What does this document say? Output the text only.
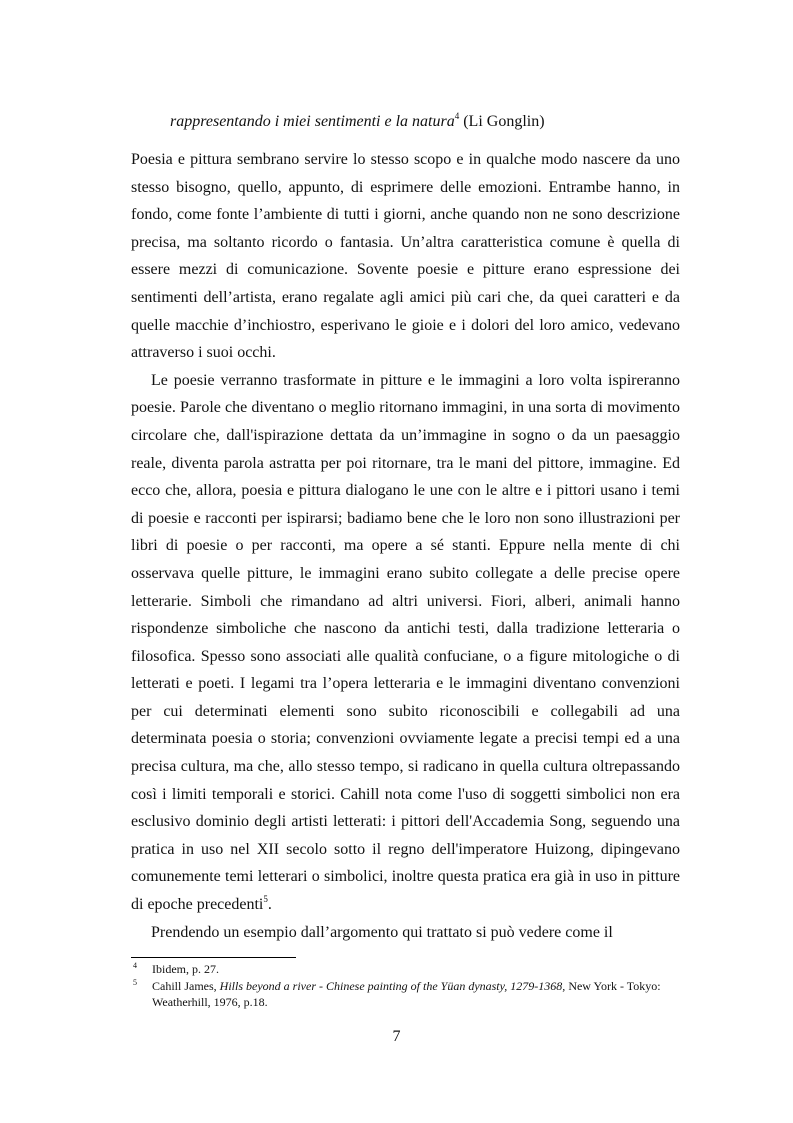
rappresentando i miei sentimenti e la natura$^4$ (Li Gonglin)

Poesia e pittura sembrano servire lo stesso scopo e in qualche modo nascere da uno stesso bisogno, quello, appunto, di esprimere delle emozioni. Entrambe hanno, in fondo, come fonte l’ambiente di tutti i giorni, anche quando non ne sono descrizione precisa, ma soltanto ricordo o fantasia. Un’altra caratteristica comune è quella di essere mezzi di comunicazione. Sovente poesie e pitture erano espressione dei sentimenti dell’artista, erano regalate agli amici più cari che, da quei caratteri e da quelle macchie d’inchiostro, esperivano le gioie e i dolori del loro amico, vedevano attraverso i suoi occhi.

Le poesie verranno trasformate in pitture e le immagini a loro volta ispireranno poesie. Parole che diventano o meglio ritornano immagini, in una sorta di movimento circolare che, dall'ispirazione dettata da un’immagine in sogno o da un paesaggio reale, diventa parola astratta per poi ritornare, tra le mani del pittore, immagine. Ed ecco che, allora, poesia e pittura dialogano le une con le altre e i pittori usano i temi di poesie e racconti per ispirarsi; badiamo bene che le loro non sono illustrazioni per libri di poesie o per racconti, ma opere a sé stanti. Eppure nella mente di chi osservava quelle pitture, le immagini erano subito collegate a delle precise opere letterarie. Simboli che rimandano ad altri universi. Fiori, alberi, animali hanno rispondenze simboliche che nascono da antichi testi, dalla tradizione letteraria o filosofica. Spesso sono associati alle qualità confuciane, o a figure mitologiche o di letterati e poeti. I legami tra l’opera letteraria e le immagini diventano convenzioni per cui determinati elementi sono subito riconoscibili e collegabili ad una determinata poesia o storia; convenzioni ovviamente legate a precisi tempi ed a una precisa cultura, ma che, allo stesso tempo, si radicano in quella cultura oltrepassando così i limiti temporali e storici. Cahill nota come l'uso di soggetti simbolici non era esclusivo dominio degli artisti letterati: i pittori dell'Accademia Song, seguendo una pratica in uso nel XII secolo sotto il regno dell'imperatore Huizong, dipingevano comunemente temi letterari o simbolici, inoltre questa pratica era già in uso in pitture di epoche precedenti$^5$.

Prendendo un esempio dall’argomento qui trattato si può vedere come il

4 Ibidem, p. 27.

5 Cahill James, Hills beyond a river - Chinese painting of the Yüan dynasty, 1279-1368, New York - Tokyo: Weatherhill, 1976, p.18.

7
